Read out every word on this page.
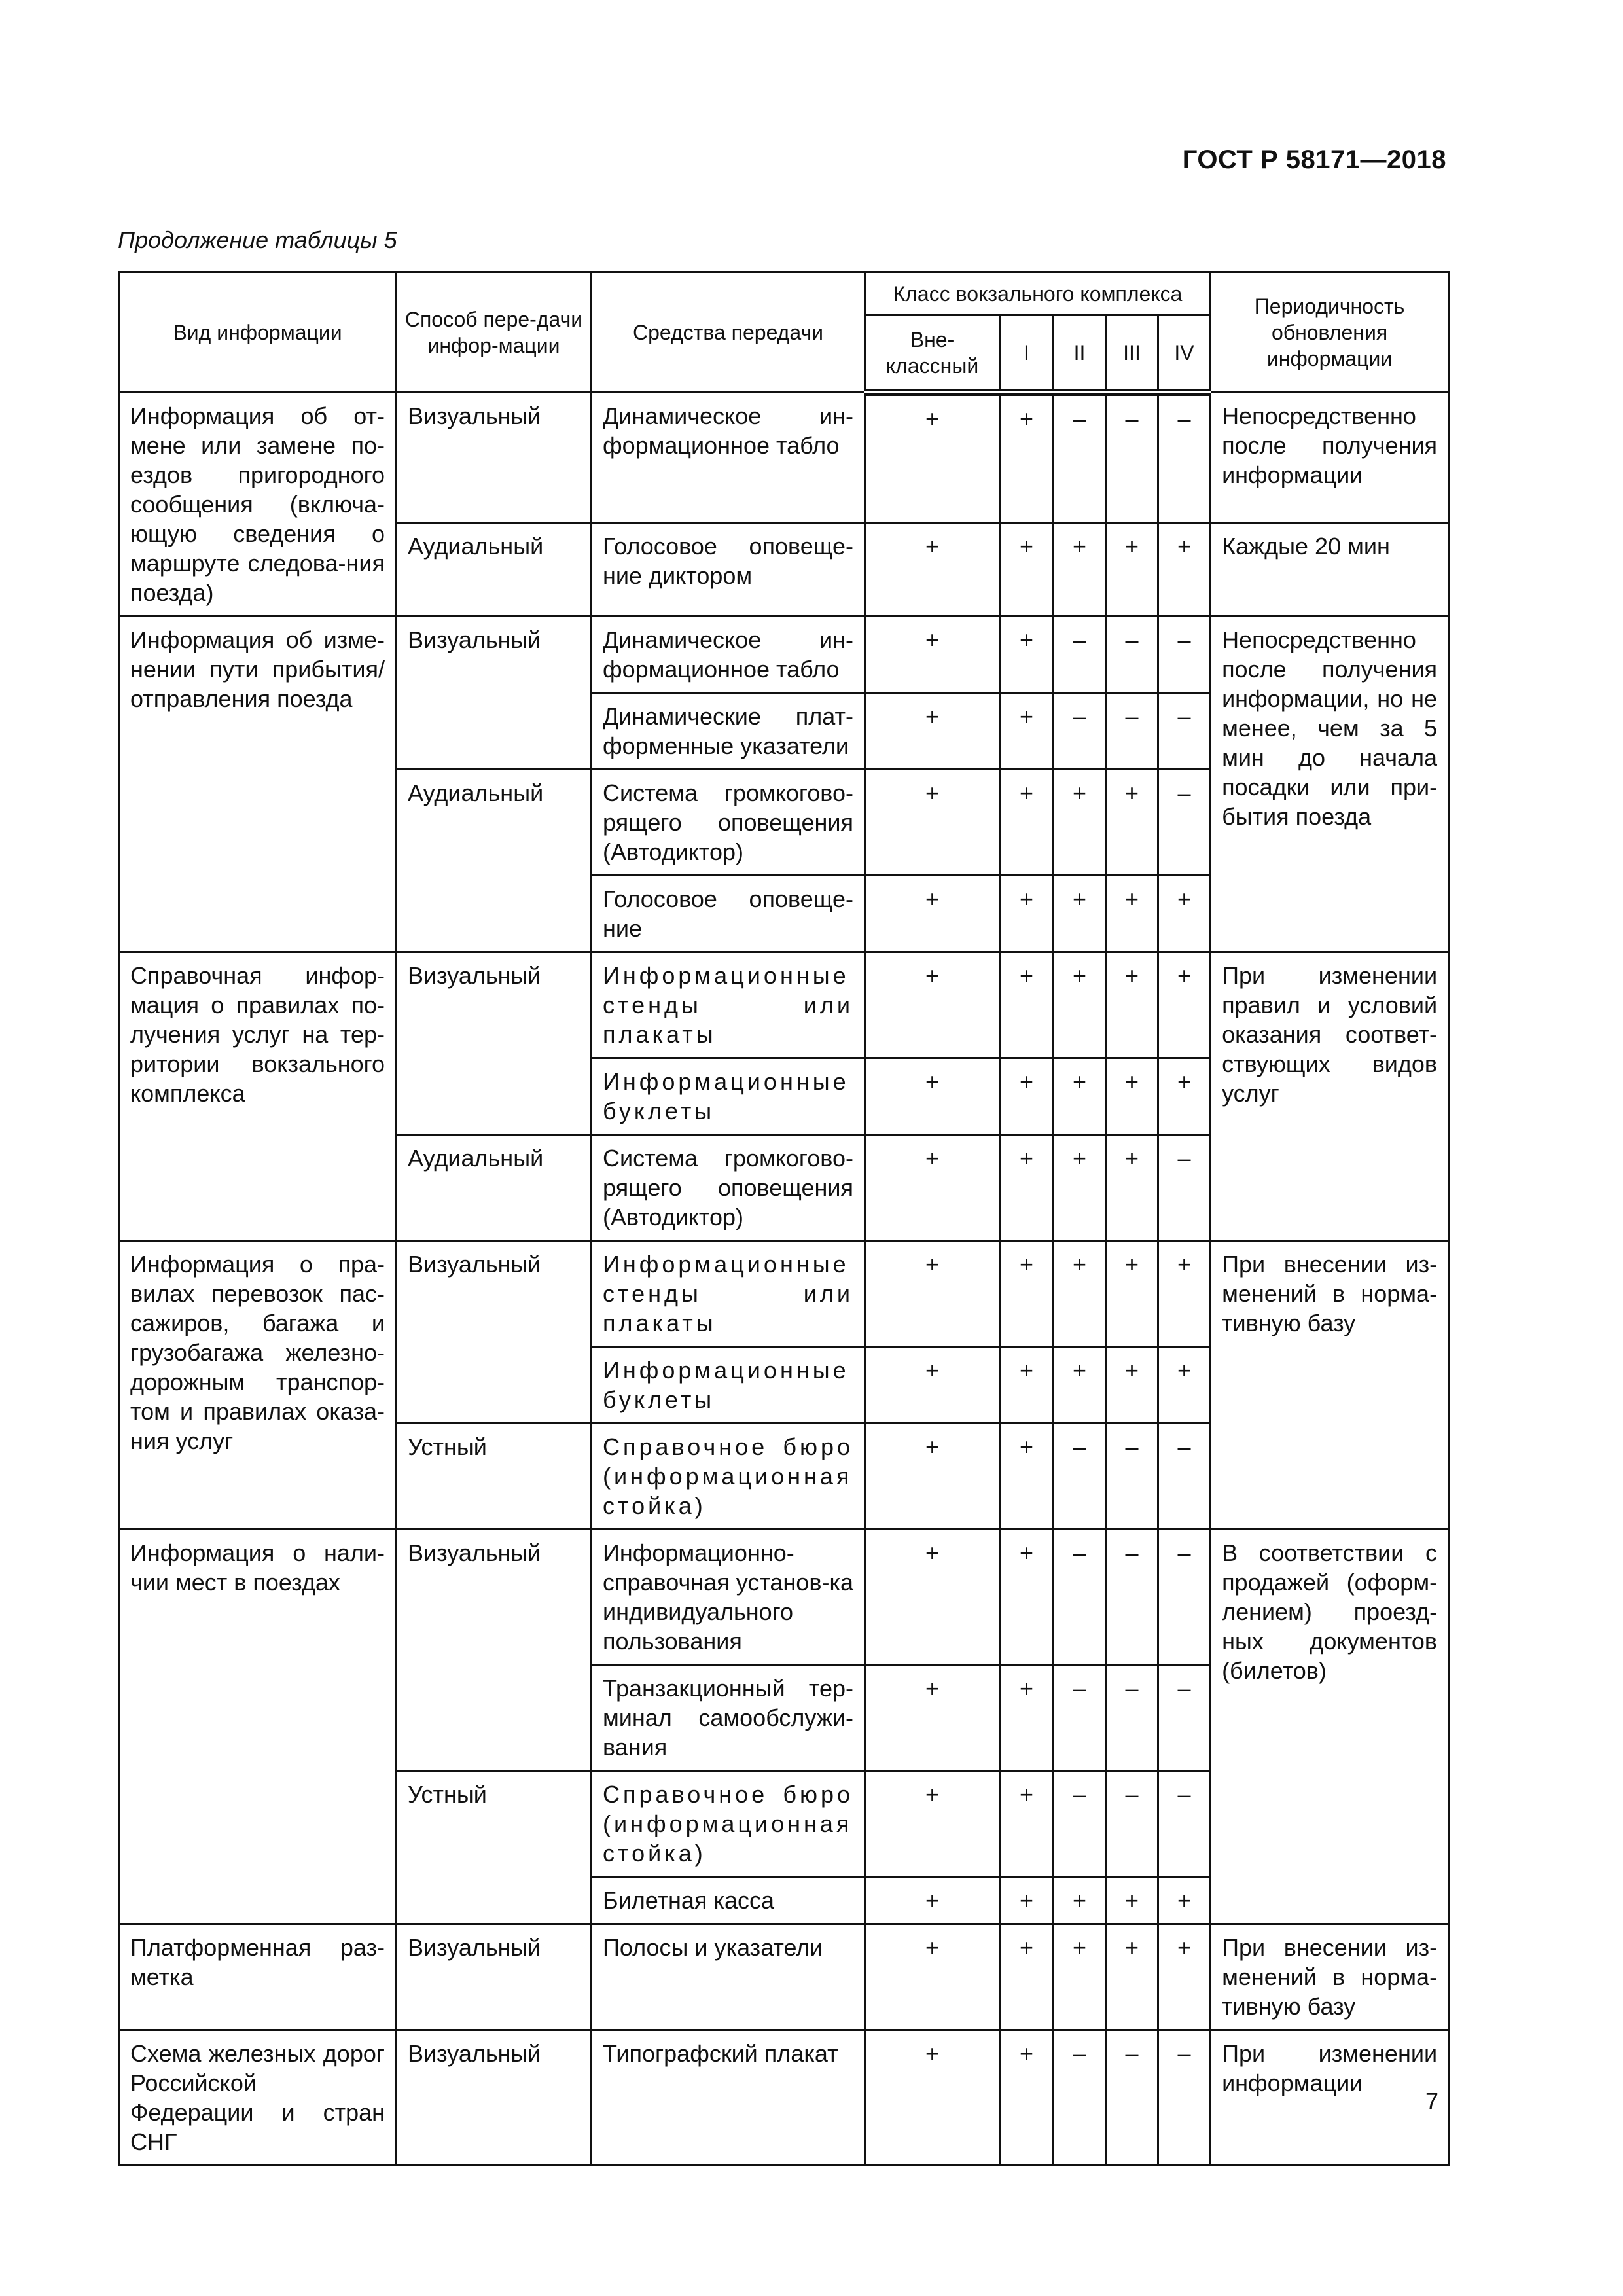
ГОСТ Р 58171—2018
Продолжение таблицы 5
Вид информации	Способ пере-дачи инфор-мации	Средства передачи	Класс вокзального комплекса					Периодичность обновления информации
			Вне-классный	I	II	III	IV	
Информация об от-мене или замене по-ездов пригородного сообщения (включа-ющую сведения о маршруте следова-ния поезда)	Визуальный	Динамическое ин-формационное табло	+	+	–	–	–	Непосредственно после получения информации
	Аудиальный	Голосовое оповеще-ние диктором	+	+	+	+	+	Каждые 20 мин
Информация об изме-нении пути прибытия/ отправления поезда	Визуальный	Динамическое ин-формационное табло	+	+	–	–	–	Непосредственно после получения информации, но не менее, чем за 5 мин до начала посадки или при-бытия поезда
		Динамические плат-форменные указатели	+	+	–	–	–	
	Аудиальный	Система громкогово-рящего оповещения (Автодиктор)	+	+	+	+	–	
		Голосовое оповеще-ние	+	+	+	+	+	
Справочная инфор-мация о правилах по-лучения услуг на тер-ритории вокзального комплекса	Визуальный	Информационные стенды или плакаты	+	+	+	+	+	При изменении правил и условий оказания соответ-ствующих видов услуг
		Информационные буклеты	+	+	+	+	+	
	Аудиальный	Система громкогово-рящего оповещения (Автодиктор)	+	+	+	+	–	
Информация о пра-вилах перевозок пас-сажиров, багажа и грузобагажа железно-дорожным транспор-том и правилах оказа-ния услуг	Визуальный	Информационные стенды или плакаты	+	+	+	+	+	При внесении из-менений в норма-тивную базу
		Информационные буклеты	+	+	+	+	+	
	Устный	Справочное бюро (информационная стойка)	+	+	–	–	–	
Информация о нали-чии мест в поездах	Визуальный	Информационно-справочная установ-ка индивидуального пользования	+	+	–	–	–	В соответствии с продажей (оформ-лением) проезд-ных документов (билетов)
		Транзакционный тер-минал самообслужи-вания	+	+	–	–	–	
	Устный	Справочное бюро (информационная стойка)	+	+	–	–	–	
		Билетная касса	+	+	+	+	+	
Платформенная раз-метка	Визуальный	Полосы и указатели	+	+	+	+	+	При внесении из-менений в норма-тивную базу
Схема железных дорог Российской Федерации и стран СНГ	Визуальный	Типографский плакат	+	+	–	–	–	При изменении информации
7
